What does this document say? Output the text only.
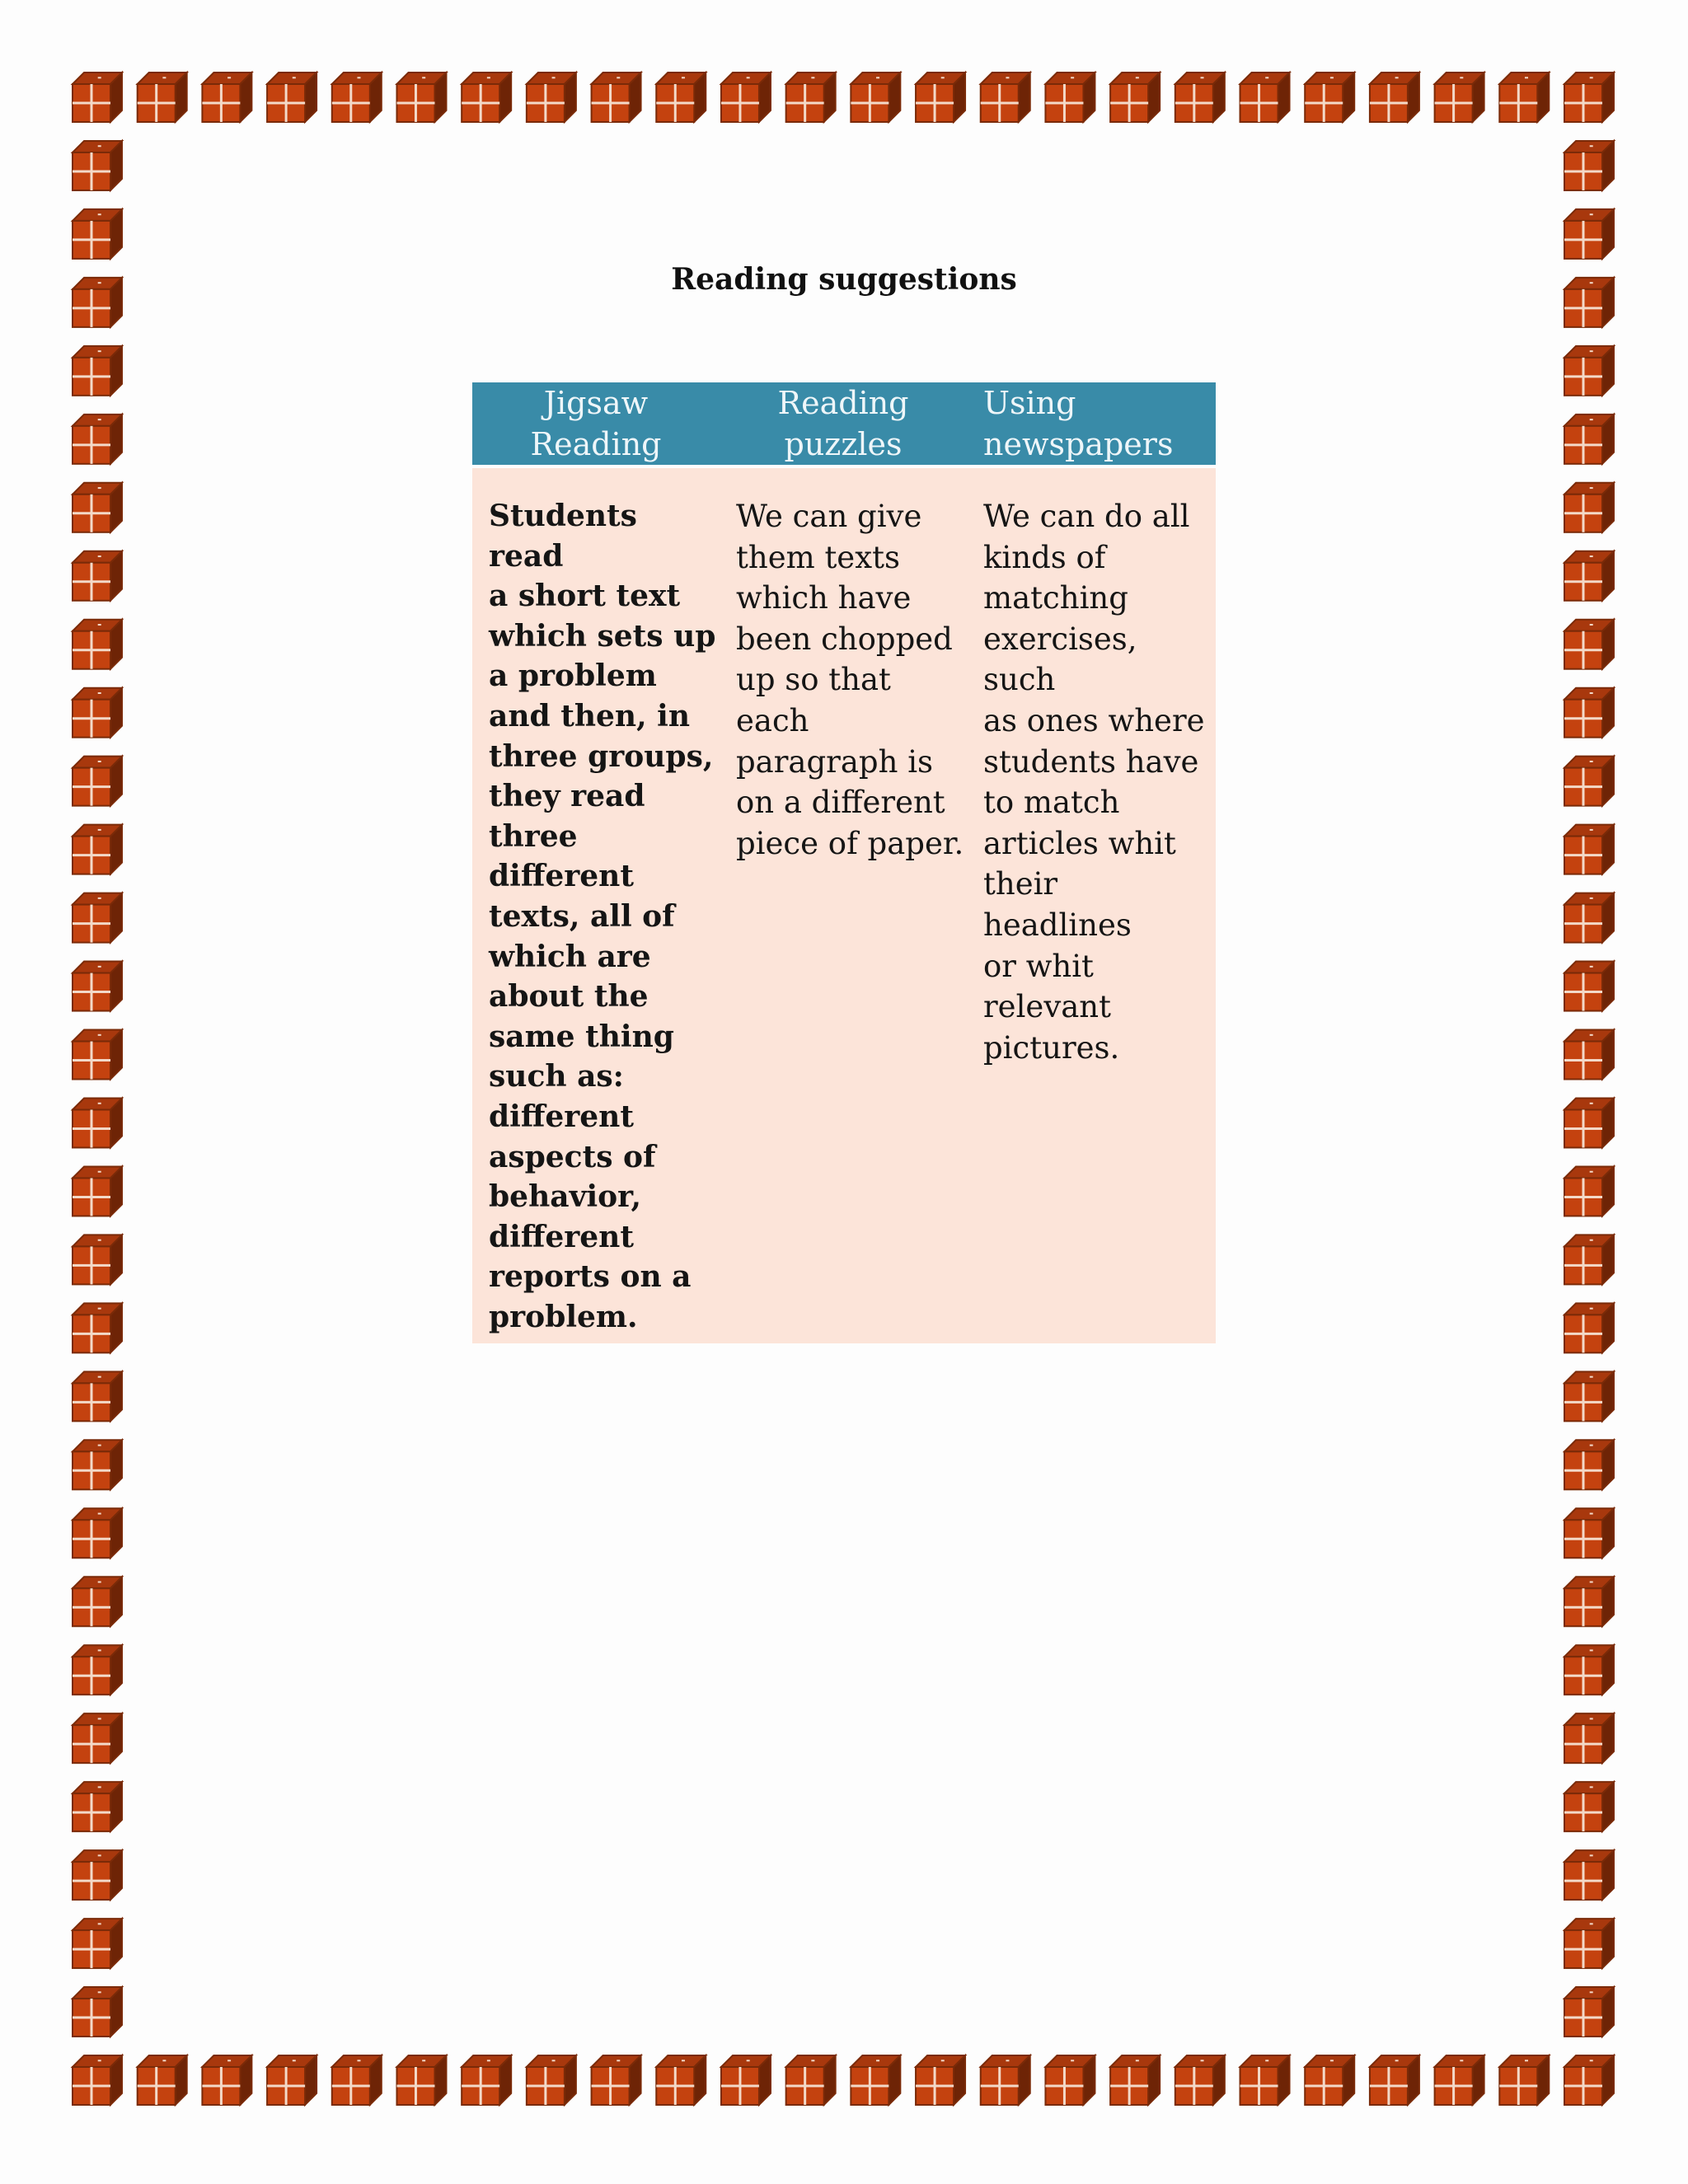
Reading suggestions
Jigsaw
Reading
Reading
puzzles
Using
newspapers
Students read
a short text
which sets up
a problem
and then, in
three groups,
they read
three
different
texts, all of
which are
about the
same thing
such as:
different
aspects of
behavior,
different
reports on a
problem.
We can give
them texts
which have
been chopped
up so that
each
paragraph is
on a different
piece of paper.
We can do all
kinds of
matching
exercises, such
as ones where
students have
to match
articles whit
their headlines
or whit
relevant
pictures.
